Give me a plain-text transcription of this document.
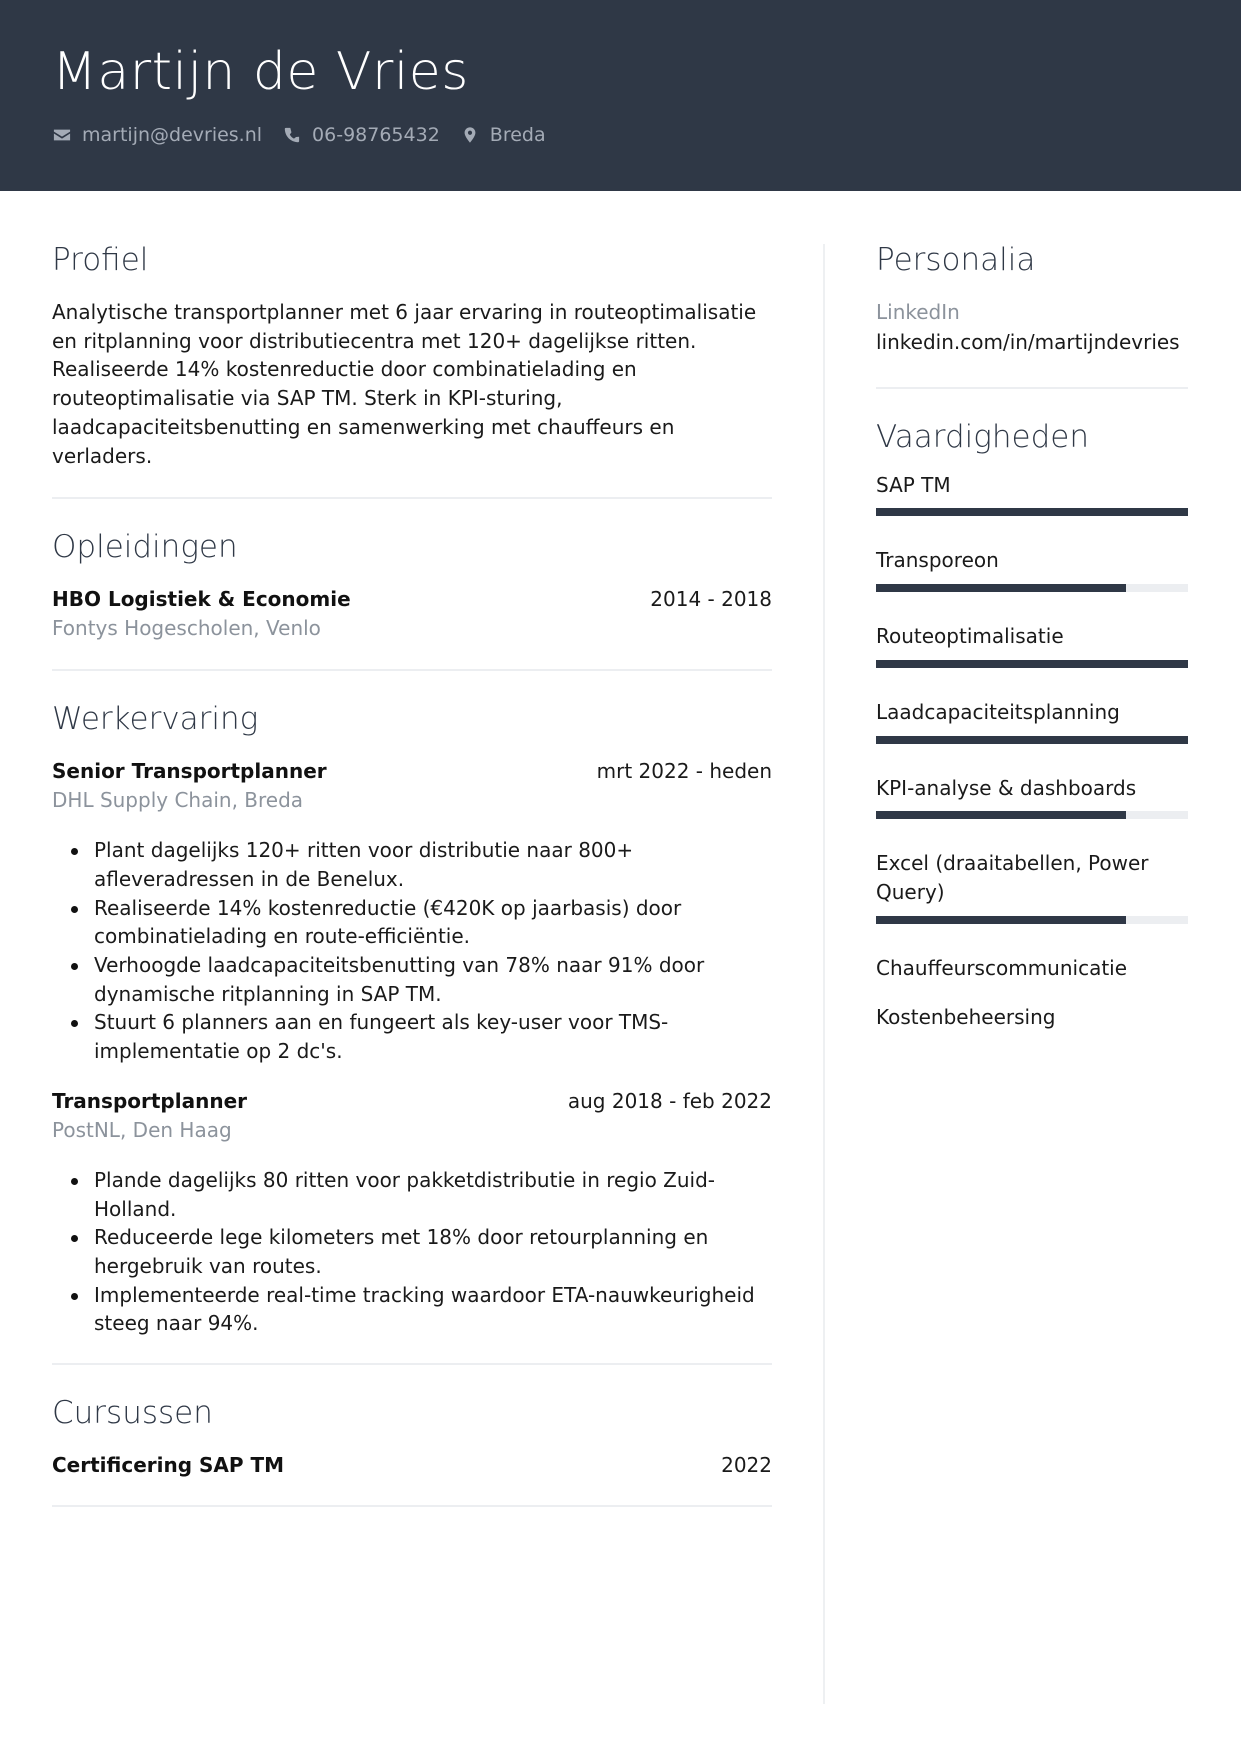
Martijn de Vries
martijn@devries.nl	06-98765432	Breda
Profiel
Analytische transportplanner met 6 jaar ervaring in routeoptimalisatie en ritplanning voor distributiecentra met 120+ dagelijkse ritten. Realiseerde 14% kostenreductie door combinatielading en routeoptimalisatie via SAP TM. Sterk in KPI-sturing, laadcapaciteitsbenutting en samenwerking met chauffeurs en verladers.
Opleidingen
HBO Logistiek & Economie	2014 - 2018
Fontys Hogescholen, Venlo
Werkervaring
Senior Transportplanner	mrt 2022 - heden
DHL Supply Chain, Breda
Plant dagelijks 120+ ritten voor distributie naar 800+ afleveradressen in de Benelux.
Realiseerde 14% kostenreductie (€420K op jaarbasis) door combinatielading en route-efficiëntie.
Verhoogde laadcapaciteitsbenutting van 78% naar 91% door dynamische ritplanning in SAP TM.
Stuurt 6 planners aan en fungeert als key-user voor TMS-implementatie op 2 dc's.
Transportplanner	aug 2018 - feb 2022
PostNL, Den Haag
Plande dagelijks 80 ritten voor pakketdistributie in regio Zuid-Holland.
Reduceerde lege kilometers met 18% door retourplanning en hergebruik van routes.
Implementeerde real-time tracking waardoor ETA-nauwkeurigheid steeg naar 94%.
Cursussen
Certificering SAP TM	2022
Personalia
LinkedIn
linkedin.com/in/martijndevries
Vaardigheden
SAP TM
Transporeon
Routeoptimalisatie
Laadcapaciteitsplanning
KPI-analyse & dashboards
Excel (draaitabellen, Power Query)
Chauffeurscommunicatie
Kostenbeheersing
